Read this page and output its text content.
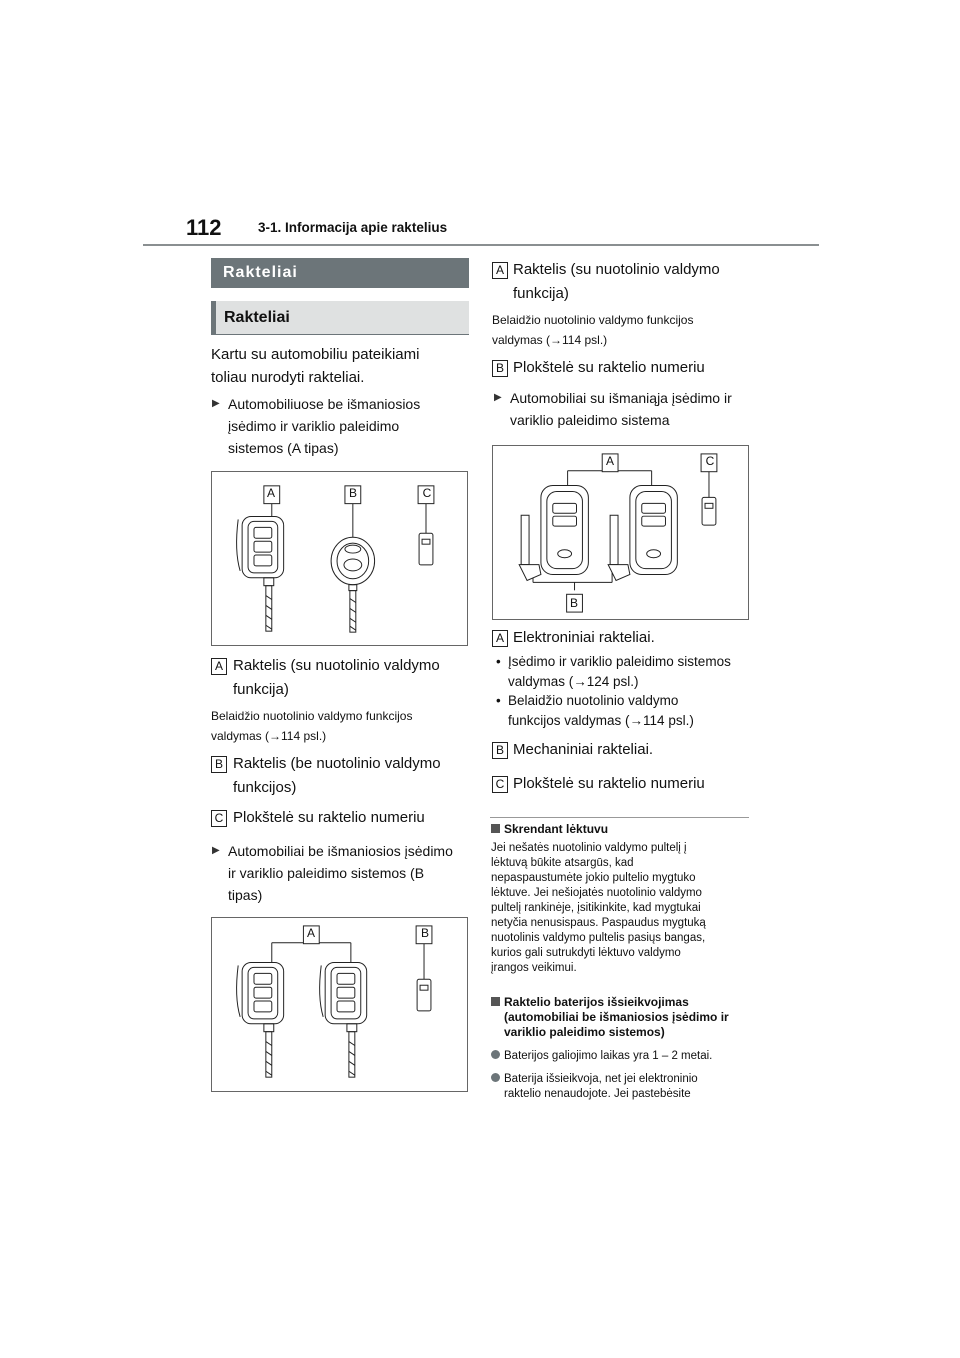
112	3-1. Informacija apie raktelius
Rakteliai
Rakteliai
Kartu su automobiliu pateikiami
toliau nurodyti rakteliai.
▶ Automobiliuose be išmaniosios
įsėdimo ir variklio paleidimo
sistemos (A tipas)
A	B	C
A Raktelis (su nuotolinio valdymo
funkcija)
Belaidžio nuotolinio valdymo funkcijos
valdymas (→114 psl.)
B Raktelis (be nuotolinio valdymo
funkcijos)
C Plokštelė su raktelio numeriu
▶ Automobiliai be išmaniosios įsėdimo
ir variklio paleidimo sistemos (B
tipas)
A	B
A Raktelis (su nuotolinio valdymo
funkcija)
Belaidžio nuotolinio valdymo funkcijos
valdymas (→114 psl.)
B Plokštelė su raktelio numeriu
▶ Automobiliai su išmaniąja įsėdimo ir
variklio paleidimo sistema
A	C
B
A Elektroniniai rakteliai.
• Įsėdimo ir variklio paleidimo sistemos
valdymas (→124 psl.)
• Belaidžio nuotolinio valdymo
funkcijos valdymas (→114 psl.)
B Mechaniniai rakteliai.
C Plokštelė su raktelio numeriu
Skrendant lėktuvu
Jei nešatės nuotolinio valdymo pultelį į
lėktuvą būkite atsargūs, kad
nepaspaustumėte jokio pultelio mygtuko
lėktuve. Jei nešiojatės nuotolinio valdymo
pultelį rankinėje, įsitikinkite, kad mygtukai
netyčia nenusispaus. Paspaudus mygtuką
nuotolinis valdymo pultelis pasiųs bangas,
kurios gali sutrukdyti lėktuvo valdymo
įrangos veikimui.
Raktelio baterijos išsieikvojimas
(automobiliai be išmaniosios įsėdimo ir
variklio paleidimo sistemos)
Baterijos galiojimo laikas yra 1 – 2 metai.
Baterija išsieikvoja, net jei elektroninio
raktelio nenaudojote. Jei pastebėsite
